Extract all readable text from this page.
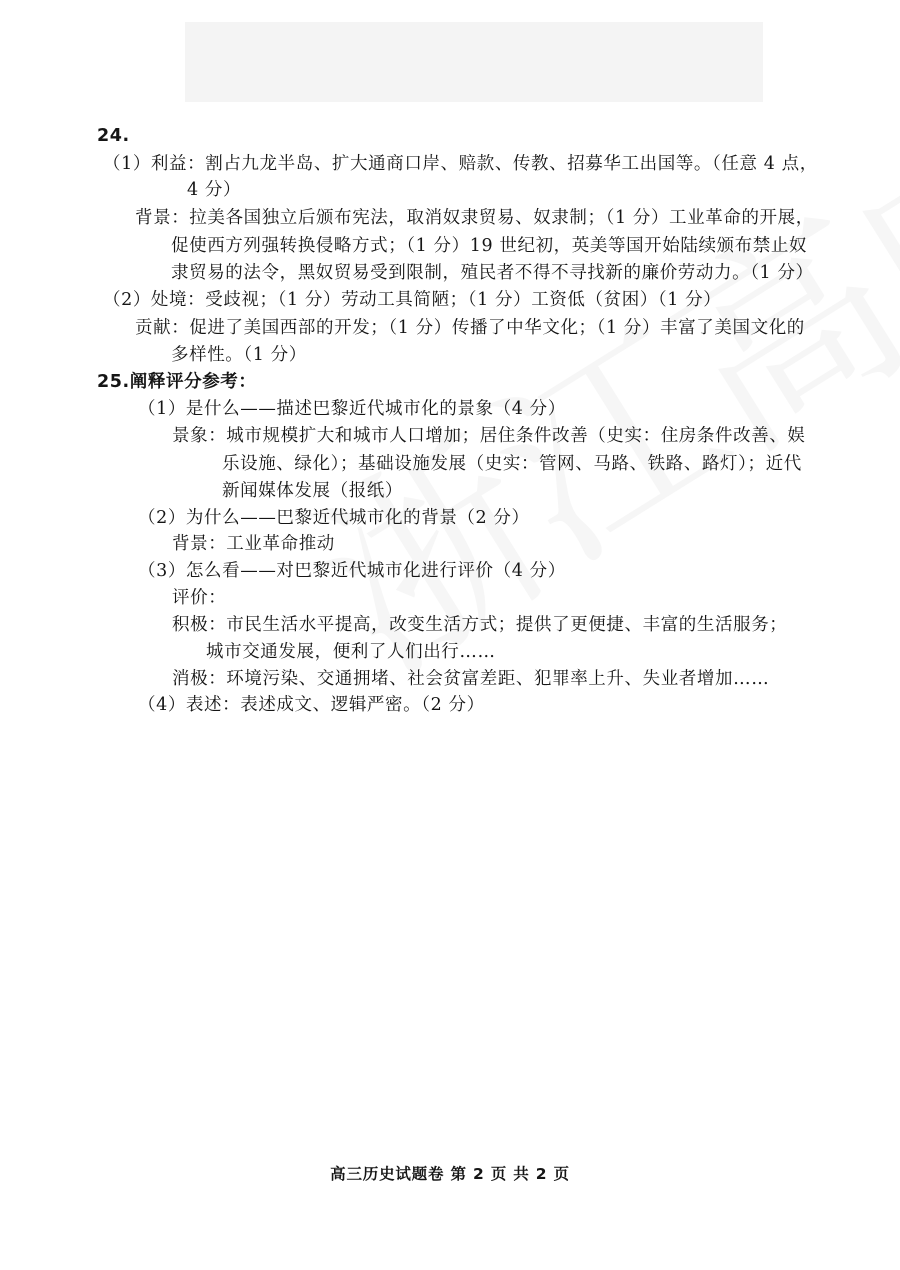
24.
（1）利益：割占九龙半岛、扩大通商口岸、赔款、传教、招募华工出国等。（任意 4 点，
4 分）
背景：拉美各国独立后颁布宪法，取消奴隶贸易、奴隶制；（1 分）工业革命的开展，
促使西方列强转换侵略方式；（1 分）19 世纪初，英美等国开始陆续颁布禁止奴
隶贸易的法令，黑奴贸易受到限制，殖民者不得不寻找新的廉价劳动力。（1 分）
（2）处境：受歧视；（1 分）劳动工具简陋；（1 分）工资低（贫困）（1 分）
贡献：促进了美国西部的开发；（1 分）传播了中华文化；（1 分）丰富了美国文化的
多样性。（1 分）
25.阐释评分参考：
（1）是什么——描述巴黎近代城市化的景象（4 分）
景象：城市规模扩大和城市人口增加；居住条件改善（史实：住房条件改善、娱
乐设施、绿化）；基础设施发展（史实：管网、马路、铁路、路灯）；近代
新闻媒体发展（报纸）
（2）为什么——巴黎近代城市化的背景（2 分）
背景：工业革命推动
（3）怎么看——对巴黎近代城市化进行评价（4 分）
评价：
积极：市民生活水平提高，改变生活方式；提供了更便捷、丰富的生活服务；
城市交通发展，便利了人们出行……
消极：环境污染、交通拥堵、社会贫富差距、犯罪率上升、失业者增加……
（4）表述：表述成文、逻辑严密。（2 分）
高三历史试题卷 第 2 页 共 2 页
